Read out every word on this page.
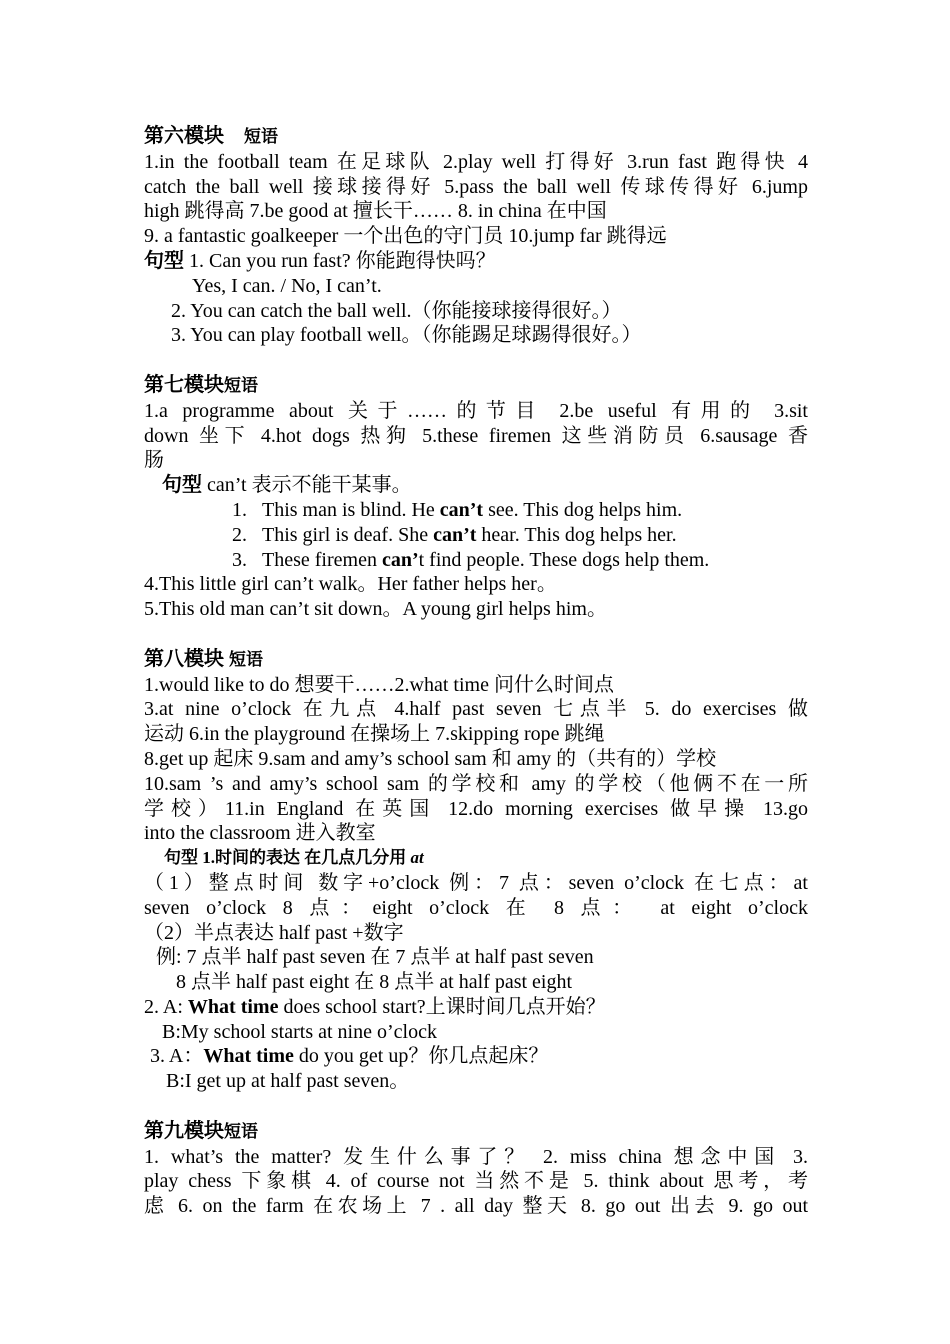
第六模块 短语
1.in the football team 在足球队 2.play well 打得好 3.run fast 跑得快 4
catch the ball well 接球接得好 5.pass the ball well 传球传得好 6.jump
high 跳得高 7.be good at 擅长干…… 8. in china 在中国
9. a fantastic goalkeeper 一个出色的守门员 10.jump far 跳得远
句型 1. Can you run fast? 你能跑得快吗？
Yes, I can. / No, I can’t.
2. You can catch the ball well.（你能接球接得很好。）
3. You can play football well。（你能踢足球踢得很好。）
第七模块短语
1.a programme about 关于……的节目 2.be useful 有用的 3.sit
down 坐下 4.hot dogs 热狗 5.these firemen 这些消防员 6.sausage 香
肠
句型 can’t 表示不能干某事。
1. This man is blind. He can’t see. This dog helps him.
2. This girl is deaf. She can’t hear. This dog helps her.
3. These firemen can’t find people. These dogs help them.
4.This little girl can’t walk。Her father helps her。
5.This old man can’t sit down。A young girl helps him。
第八模块 短语
1.would like to do 想要干……2.what time 问什么时间点
3.at nine o’clock 在九点 4.half past seven 七点半 5. do exercises 做
运动 6.in the playground 在操场上 7.skipping rope 跳绳
8.get up 起床 9.sam and amy’s school sam 和 amy 的（共有的）学校
10.sam ’s and amy’s school sam 的学校和 amy 的学校（他俩不在一所
学校）11.in England 在英国 12.do morning exercises 做早操 13.go
into the classroom 进入教室
句型 1.时间的表达 在几点几分用 at
（1）整点时间 数字+o’clock 例：7 点：seven o’clock 在七点：at
seven o’clock 8 点：eight o’clock 在 8 点： at eight o’clock
（2）半点表达 half past +数字
例: 7 点半 half past seven 在 7 点半 at half past seven
8 点半 half past eight 在 8 点半 at half past eight
2. A: What time does school start?上课时间几点开始？
B:My school starts at nine o’clock
3. A：What time do you get up？你几点起床？
B:I get up at half past seven。
第九模块短语
1. what’s the matter? 发生什么事了？ 2. miss china 想念中国 3.
play chess 下象棋 4. of course not 当然不是 5. think about 思考，考
虑 6. on the farm 在农场上 7 . all day 整天 8. go out 出去 9. go out
